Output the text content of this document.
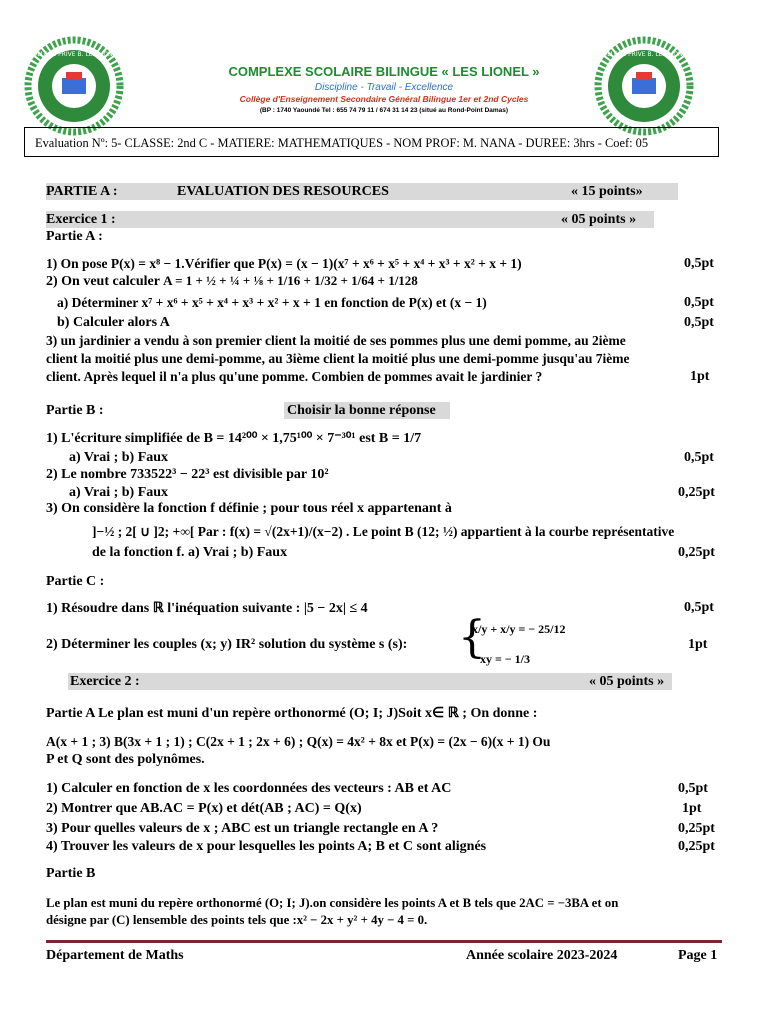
COLLEGE PRIVE B. LES LIONEL	COLLEGE PRIVE B. LES LIONEL
COMPLEXE SCOLAIRE BILINGUE « LES LIONEL »
Discipline - Travail - Excellence
Collège d'Enseignement Secondaire Général Bilingue 1er et 2nd Cycles
(BP : 1740 Yaoundé Tel : 655 74 79 11 / 674 31 14 23 (situé au Rond-Point Damas)
Evaluation Nº: 5- CLASSE: 2nd C - MATIERE: MATHEMATIQUES - NOM PROF: M. NANA - DUREE: 3hrs - Coef: 05
PARTIE A :	EVALUATION DES RESOURCES	« 15 points»
Exercice 1 :	« 05 points »
Partie A :
1) On pose P(x) = x⁸ − 1.Vérifier que P(x) = (x − 1)(x⁷ + x⁶ + x⁵ + x⁴ + x³ + x² + x + 1)	0,5pt
2) On veut calculer A = 1 + ½ + ¼ + ⅛ + 1/16 + 1/32 + 1/64 + 1/128
a) Déterminer x⁷ + x⁶ + x⁵ + x⁴ + x³ + x² + x + 1 en fonction de P(x) et (x − 1)	0,5pt
b) Calculer alors A	0,5pt
3) un jardinier a vendu à son premier client la moitié de ses pommes plus une demi pomme, au 2ième
client la moitié plus une demi-pomme, au 3ième client la moitié plus une demi-pomme jusqu'au 7ième
client. Après lequel il n'a plus qu'une pomme. Combien de pommes avait le jardinier ?	1pt
Partie B :	Choisir la bonne réponse
1) L'écriture simplifiée de B = 14²⁰⁰ × 1,75¹⁰⁰ × 7⁻³⁰¹ est B = 1/7
a) Vrai ; b) Faux	0,5pt
2) Le nombre 733522³ − 22³ est divisible par 10²
a) Vrai ; b) Faux	0,25pt
3) On considère la fonction f définie ; pour tous réel x appartenant à
]−½ ; 2[ ∪ ]2; +∞[ Par : f(x) = √(2x+1)/(x−2) . Le point B (12; ½) appartient à la courbe représentative
de la fonction f. a) Vrai ; b) Faux	0,25pt
Partie C :
1) Résoudre dans ℝ l'inéquation suivante : |5 − 2x| ≤ 4	0,5pt
2) Déterminer les couples (x; y) IR² solution du système s (s): {
x/y + x/y = − 25/12
xy = − 1/3
1pt
Exercice 2 :	« 05 points »
Partie A Le plan est muni d'un repère orthonormé (O; I; J)Soit x∈ ℝ ; On donne :
A(x + 1 ; 3) B(3x + 1 ; 1) ; C(2x + 1 ; 2x + 6) ; Q(x) = 4x² + 8x et P(x) = (2x − 6)(x + 1) Ou
P et Q sont des polynômes.
1) Calculer en fonction de x les coordonnées des vecteurs : AB et AC	0,5pt
2) Montrer que AB.AC = P(x) et dét(AB ; AC) = Q(x)	1pt
3) Pour quelles valeurs de x ; ABC est un triangle rectangle en A ?	0,25pt
4) Trouver les valeurs de x pour lesquelles les points A; B et C sont alignés	0,25pt
Partie B
Le plan est muni du repère orthonormé (O; I; J).on considère les points A et B tels que 2AC = −3BA et on
désigne par (C) lensemble des points tels que :x² − 2x + y² + 4y − 4 = 0.
Département de Maths	Année scolaire 2023-2024	Page 1
